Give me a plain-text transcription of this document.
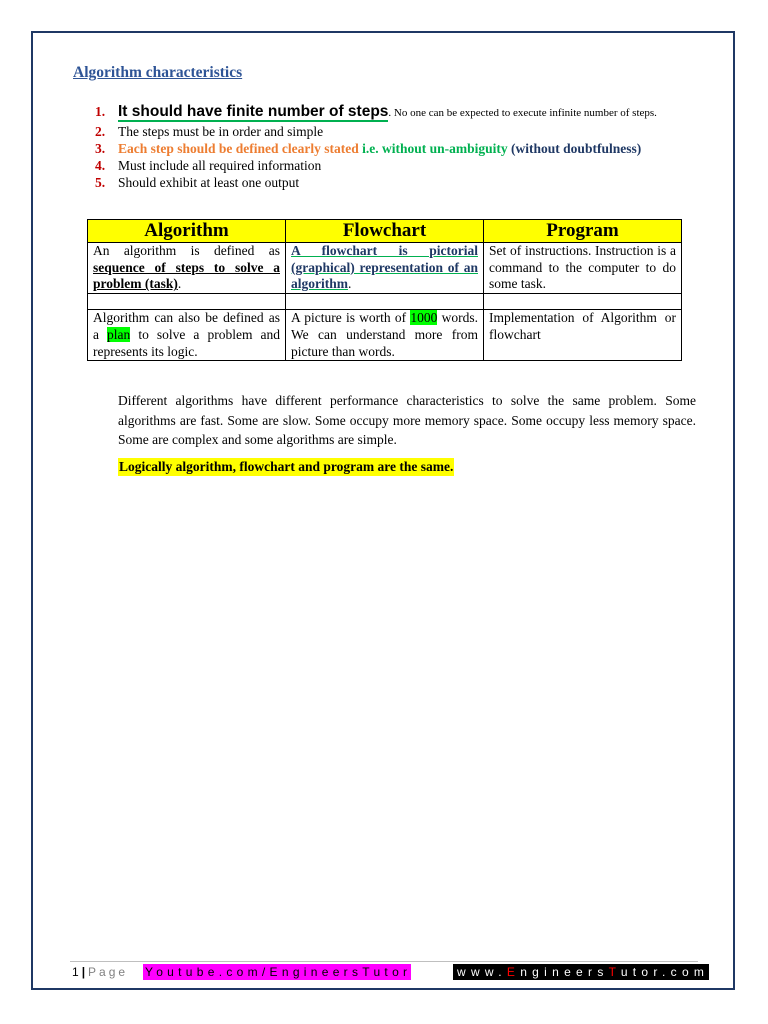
Algorithm characteristics
1. It should have finite number of steps. No one can be expected to execute infinite number of steps.
2. The steps must be in order and simple
3. Each step should be defined clearly stated i.e. without un-ambiguity (without doubtfulness)
4. Must include all required information
5. Should exhibit at least one output
Algorithm	Flowchart	Program
An algorithm is defined as sequence of steps to solve a problem (task).	A flowchart is pictorial (graphical) representation of an algorithm.	Set of instructions. Instruction is a command to the computer to do some task.

Algorithm can also be defined as a plan to solve a problem and represents its logic.	A picture is worth of 1000 words. We can understand more from picture than words.	Implementation of Algorithm or flowchart
Different algorithms have different performance characteristics to solve the same problem. Some algorithms are fast. Some are slow. Some occupy more memory space. Some occupy less memory space. Some are complex and some algorithms are simple.
Logically algorithm, flowchart and program are the same.
1 | Page Youtube.com/EngineersTutor	www.EngineersTutor.com
